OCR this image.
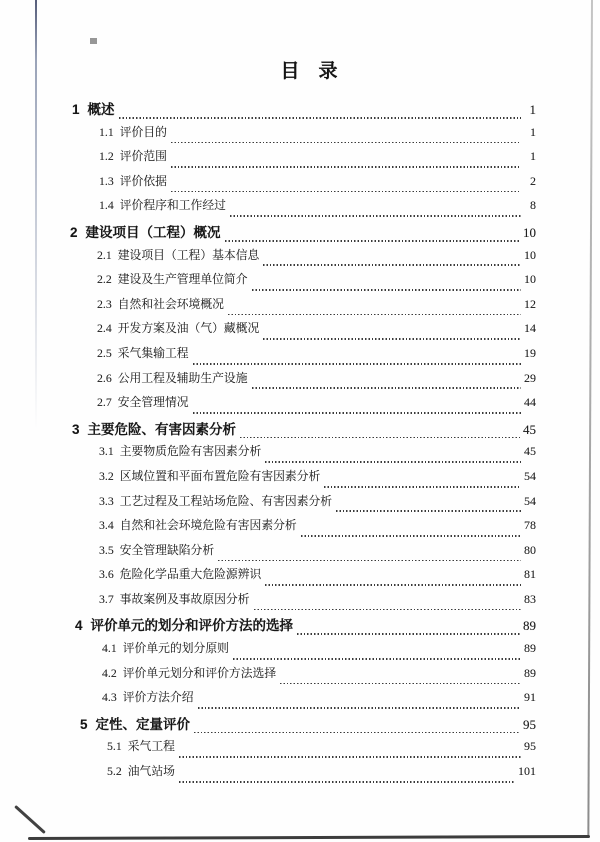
目　录
1 概述	1
1.1 评价目的	1
1.2 评价范围	1
1.3 评价依据	2
1.4 评价程序和工作经过	8
2 建设项目（工程）概况	10
2.1 建设项目（工程）基本信息	10
2.2 建设及生产管理单位简介	10
2.3 自然和社会环境概况	12
2.4 开发方案及油（气）藏概况	14
2.5 采气集输工程	19
2.6 公用工程及辅助生产设施	29
2.7 安全管理情况	44
3 主要危险、有害因素分析	45
3.1 主要物质危险有害因素分析	45
3.2 区域位置和平面布置危险有害因素分析	54
3.3 工艺过程及工程站场危险、有害因素分析	54
3.4 自然和社会环境危险有害因素分析	78
3.5 安全管理缺陷分析	80
3.6 危险化学品重大危险源辨识	81
3.7 事故案例及事故原因分析	83
4 评价单元的划分和评价方法的选择	89
4.1 评价单元的划分原则	89
4.2 评价单元划分和评价方法选择	89
4.3 评价方法介绍	91
5 定性、定量评价	95
5.1 采气工程	95
5.2 油气站场	101
